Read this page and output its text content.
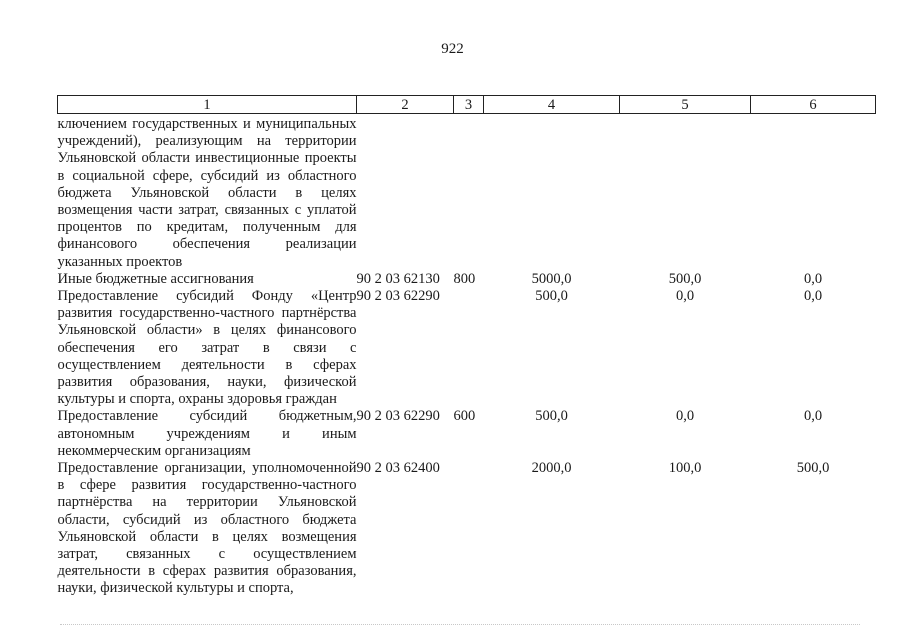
922
1	2	3	4	5	6
ключением государственных и муниципальных учреждений), реализующим на территории Ульяновской области инвестиционные проекты в социальной сфере, субсидий из областного бюджета Ульяновской области в целях возмещения части затрат, связанных с уплатой процентов по кредитам, полученным для финансового обеспечения реализации указанных проектов					
Иные бюджетные ассигнования	90 2 03 62130	800	5000,0	500,0	0,0
Предоставление субсидий Фонду «Центр развития государственно-частного партнёрства Ульяновской области» в целях финансового обеспечения его затрат в связи с осуществлением деятельности в сферах развития образования, науки, физической культуры и спорта, охраны здоровья граждан	90 2 03 62290		500,0	0,0	0,0
Предоставление субсидий бюджетным, автономным учреждениям и иным некоммерческим организациям	90 2 03 62290	600	500,0	0,0	0,0
Предоставление организации, уполномоченной в сфере развития государственно-частного партнёрства на территории Ульяновской области, субсидий из областного бюджета Ульяновской области в целях возмещения затрат, связанных с осуществлением деятельности в сферах развития образования, науки, физической культуры и спорта,	90 2 03 62400		2000,0	100,0	500,0
